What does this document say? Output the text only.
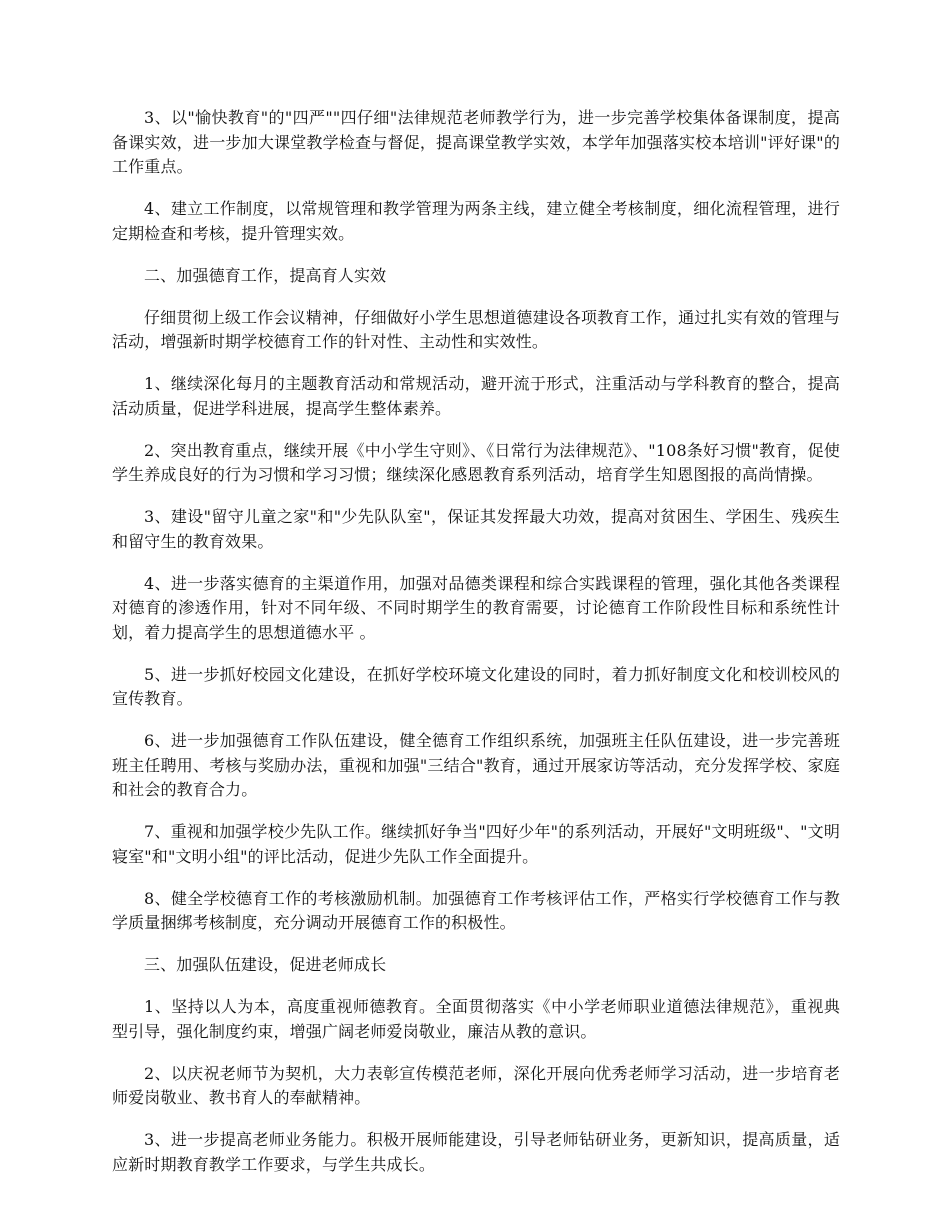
3、以"愉快教育"的"四严""四仔细"法律规范老师教学行为，进一步完善学校集体备课制度，提高备课实效，进一步加大课堂教学检查与督促，提高课堂教学实效，本学年加强落实校本培训"评好课"的工作重点。

4、建立工作制度，以常规管理和教学管理为两条主线，建立健全考核制度，细化流程管理，进行定期检查和考核，提升管理实效。

二、加强德育工作，提高育人实效

仔细贯彻上级工作会议精神，仔细做好小学生思想道德建设各项教育工作，通过扎实有效的管理与活动，增强新时期学校德育工作的针对性、主动性和实效性。

1、继续深化每月的主题教育活动和常规活动，避开流于形式，注重活动与学科教育的整合，提高活动质量，促进学科进展，提高学生整体素养。

2、突出教育重点，继续开展《中小学生守则》、《日常行为法律规范》、"108条好习惯"教育，促使学生养成良好的行为习惯和学习习惯；继续深化感恩教育系列活动，培育学生知恩图报的高尚情操。

3、建设"留守儿童之家"和"少先队队室"，保证其发挥最大功效，提高对贫困生、学困生、残疾生和留守生的教育效果。

4、进一步落实德育的主渠道作用，加强对品德类课程和综合实践课程的管理，强化其他各类课程对德育的渗透作用，针对不同年级、不同时期学生的教育需要，讨论德育工作阶段性目标和系统性计划，着力提高学生的思想道德水平 。

5、进一步抓好校园文化建设，在抓好学校环境文化建设的同时，着力抓好制度文化和校训校风的宣传教育。

6、进一步加强德育工作队伍建设，健全德育工作组织系统，加强班主任队伍建设，进一步完善班班主任聘用、考核与奖励办法，重视和加强"三结合"教育，通过开展家访等活动，充分发挥学校、家庭和社会的教育合力。

7、重视和加强学校少先队工作。继续抓好争当"四好少年"的系列活动，开展好"文明班级"、"文明寝室"和"文明小组"的评比活动，促进少先队工作全面提升。

8、健全学校德育工作的考核激励机制。加强德育工作考核评估工作，严格实行学校德育工作与教学质量捆绑考核制度，充分调动开展德育工作的积极性。

三、加强队伍建设，促进老师成长

1、坚持以人为本，高度重视师德教育。全面贯彻落实《中小学老师职业道德法律规范》，重视典型引导，强化制度约束，增强广阔老师爱岗敬业，廉洁从教的意识。

2、以庆祝老师节为契机，大力表彰宣传模范老师，深化开展向优秀老师学习活动，进一步培育老师爱岗敬业、教书育人的奉献精神。

3、进一步提高老师业务能力。积极开展师能建设，引导老师钻研业务，更新知识，提高质量，适应新时期教育教学工作要求，与学生共成长。
